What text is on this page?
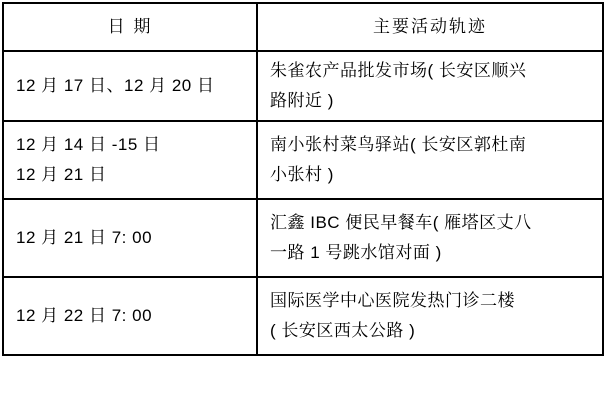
日 期	主要活动轨迹

12 月 17 日、12 月 20 日	朱雀农产品批发市场( 长安区顺兴
路附近 )

12 月 14 日 -15 日
12 月 21 日	南小张村菜鸟驿站( 长安区郭杜南
小张村 )

12 月 21 日 7: 00	汇鑫 IBC 便民早餐车( 雁塔区丈八
一路 1 号跳水馆对面 )

12 月 22 日 7: 00	国际医学中心医院发热门诊二楼
( 长安区西太公路 )
